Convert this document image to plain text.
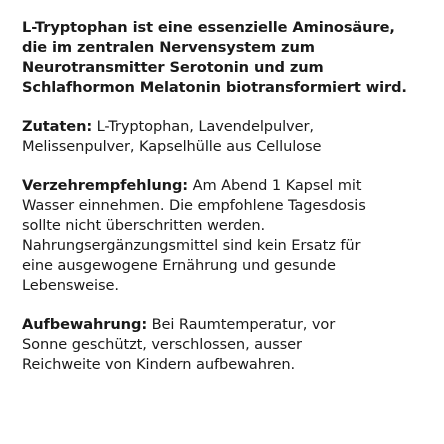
L-Tryptophan ist eine essenzielle Aminosäure,
die im zentralen Nervensystem zum
Neurotransmitter Serotonin und zum
Schlafhormon Melatonin biotransformiert wird.
Zutaten: L-Tryptophan, Lavendelpulver,
Melissenpulver, Kapselhülle aus Cellulose
Verzehrempfehlung: Am Abend 1 Kapsel mit
Wasser einnehmen. Die empfohlene Tagesdosis
sollte nicht überschritten werden.
Nahrungsergänzungsmittel sind kein Ersatz für
eine ausgewogene Ernährung und gesunde
Lebensweise.
Aufbewahrung: Bei Raumtemperatur, vor
Sonne geschützt, verschlossen, ausser
Reichweite von Kindern aufbewahren.
